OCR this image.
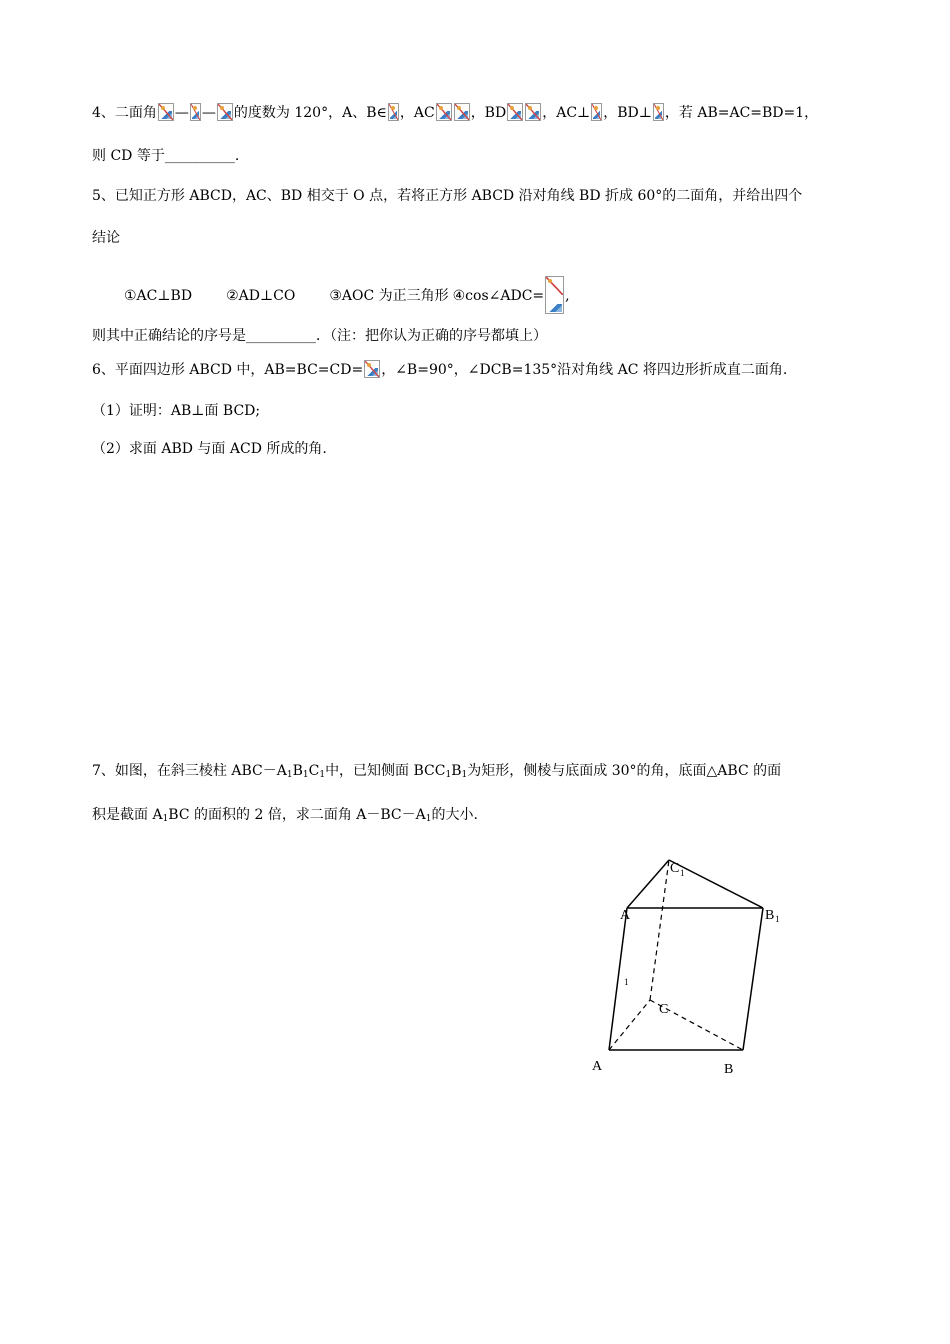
4、二面角 — — 的度数为 120°，A、B∈ ，AC	，BD	，AC⊥ ，BD⊥ ，若 AB=AC=BD=1，
则 CD 等于__________.
5、已知正方形 ABCD，AC、BD 相交于 O 点，若将正方形 ABCD 沿对角线 BD 折成 60°的二面角，并给出四个
结论
①AC⊥BD ②AD⊥CO ③AOC 为正三角形 ④cos∠ADC= ,
则其中正确结论的序号是__________．（注：把你认为正确的序号都填上）
6、平面四边形 ABCD 中，AB=BC=CD= ，∠B=90°，∠DCB=135°沿对角线 AC 将四边形折成直二面角.
（1）证明：AB⊥面 BCD;
（2）求面 ABD 与面 ACD 所成的角.
7、如图，在斜三棱柱 $ABC-A_1B_1C_1$中，已知侧面 $BCC_1B_1$为矩形，侧棱与底面成 30°的角，底面△ABC 的面
积是截面 $A_1BC$ 的面积的 2 倍，求二面角 $A-BC-A_1$的大小.
C 1
A	B 1
1
C
A	B
